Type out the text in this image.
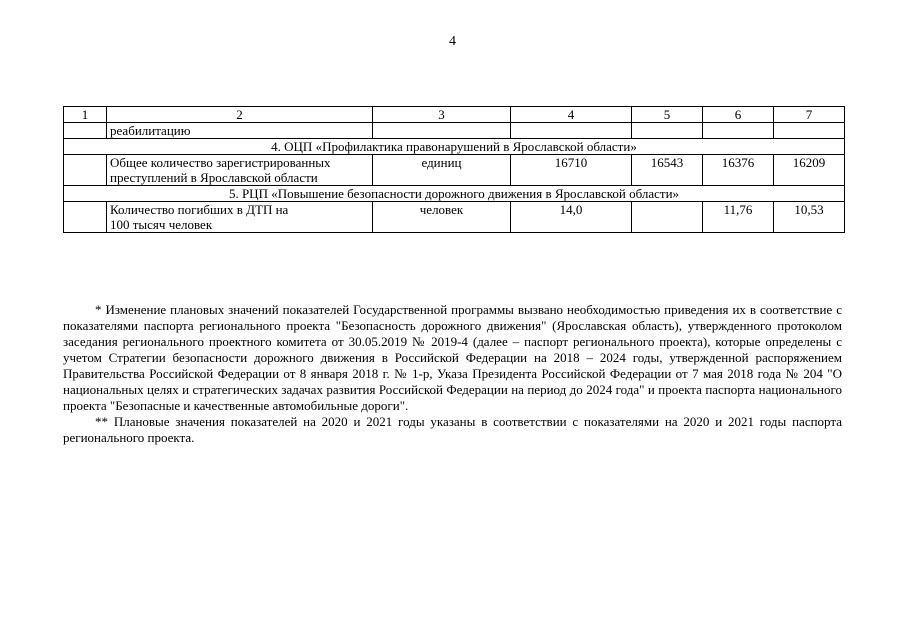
4
1	2	3	4	5	6	7
	реабилитацию					
4. ОЦП «Профилактика правонарушений в Ярославской области»						

	Общее количество зарегистрированных преступлений в Ярославской области	единиц	16710	16543	16376	16209
5. РЦП «Повышение безопасности дорожного движения в Ярославской области»						

	Количество погибших в ДТП на 100 тысяч человек	человек	14,0		11,76	10,53

* Изменение плановых значений показателей Государственной программы вызвано необходимостью приведения их в соответствие с показателями паспорта регионального проекта "Безопасность дорожного движения" (Ярославская область), утвержденного протоколом заседания регионального проектного комитета от 30.05.2019 № 2019-4 (далее – паспорт регионального проекта), которые определены с учетом Стратегии безопасности дорожного движения в Российской Федерации на 2018 – 2024 годы, утвержденной распоряжением Правительства Российской Федерации от 8 января 2018 г. № 1-р, Указа Президента Российской Федерации от 7 мая 2018 года № 204 "О национальных целях и стратегических задачах развития Российской Федерации на период до 2024 года" и проекта паспорта национального проекта "Безопасные и качественные автомобильные дороги".

** Плановые значения показателей на 2020 и 2021 годы указаны в соответствии с показателями на 2020 и 2021 годы паспорта регионального проекта.
